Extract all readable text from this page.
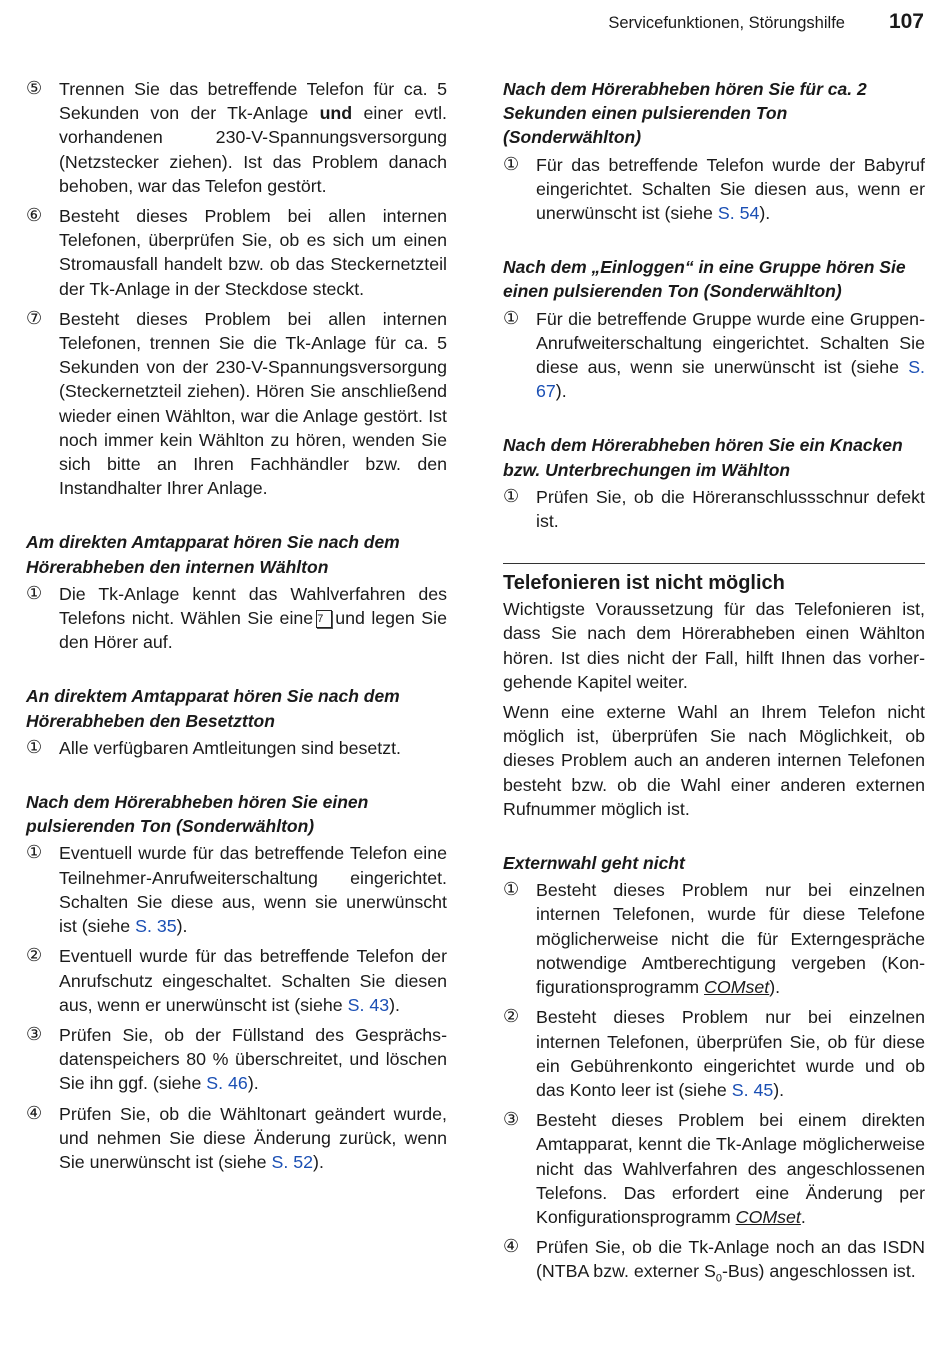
Servicefunktionen, Störungshilfe 107
⑤ Trennen Sie das betreffende Telefon für ca. 5 Sekunden von der Tk-Anlage und einer evtl. vorhandenen 230-V-Spannungsversorgung (Netzstecker ziehen). Ist das Problem danach behoben, war das Telefon gestört.
⑥ Besteht dieses Problem bei allen internen Telefonen, überprüfen Sie, ob es sich um einen Stromausfall handelt bzw. ob das Steckernetzteil der Tk-Anlage in der Steckdose steckt.
⑦ Besteht dieses Problem bei allen internen Telefonen, trennen Sie die Tk-Anlage für ca. 5 Sekunden von der 230-V-Spannungsversorgung (Steckernetzteil ziehen). Hören Sie anschließend wieder einen Wählton, war die Anlage gestört. Ist noch immer kein Wählton zu hören, wenden Sie sich bitte an Ihren Fachhändler bzw. den Instandhalter Ihrer Anlage.
Am direkten Amtapparat hören Sie nach dem Hörerabheben den internen Wählton
① Die Tk-Anlage kennt das Wahlverfahren des Telefons nicht. Wählen Sie eine 7 und legen Sie den Hörer auf.
An direktem Amtapparat hören Sie nach dem Hörerabheben den Besetztton
① Alle verfügbaren Amtleitungen sind besetzt.
Nach dem Hörerabheben hören Sie einen pulsierenden Ton (Sonderwählton)
① Eventuell wurde für das betreffende Telefon eine Teilnehmer-Anrufweiterschaltung eingerichtet. Schalten Sie diese aus, wenn sie unerwünscht ist (siehe S. 35).
② Eventuell wurde für das betreffende Telefon der Anrufschutz eingeschaltet. Schalten Sie diesen aus, wenn er unerwünscht ist (siehe S. 43).
③ Prüfen Sie, ob der Füllstand des Gesprächsdatenspeichers 80 % überschreitet, und löschen Sie ihn ggf. (siehe S. 46).
④ Prüfen Sie, ob die Wähltonart geändert wurde, und nehmen Sie diese Änderung zurück, wenn Sie unerwünscht ist (siehe S. 52).
Nach dem Hörerabheben hören Sie für ca. 2 Sekunden einen pulsierenden Ton (Sonderwählton)
① Für das betreffende Telefon wurde der Babyruf eingerichtet. Schalten Sie diesen aus, wenn er unerwünscht ist (siehe S. 54).
Nach dem „Einloggen“ in eine Gruppe hören Sie einen pulsierenden Ton (Sonderwählton)
① Für die betreffende Gruppe wurde eine Gruppen-Anrufweiterschaltung eingerichtet. Schalten Sie diese aus, wenn sie unerwünscht ist (siehe S. 67).
Nach dem Hörerabheben hören Sie ein Knacken bzw. Unterbrechungen im Wählton
① Prüfen Sie, ob die Höreranschlussschnur defekt ist.
Telefonieren ist nicht möglich

Wichtigste Voraussetzung für das Telefonieren ist, dass Sie nach dem Hörerabheben einen Wählton hören. Ist dies nicht der Fall, hilft Ihnen das vorhergehende Kapitel weiter.

Wenn eine externe Wahl an Ihrem Telefon nicht möglich ist, überprüfen Sie nach Möglichkeit, ob dieses Problem auch an anderen internen Telefonen besteht bzw. ob die Wahl einer anderen externen Rufnummer möglich ist.

Externwahl geht nicht
① Besteht dieses Problem nur bei einzelnen internen Telefonen, wurde für diese Telefone möglicherweise nicht die für Externgespräche notwendige Amtberechtigung vergeben (Konfigurationsprogramm COMset).
② Besteht dieses Problem nur bei einzelnen internen Telefonen, überprüfen Sie, ob für diese ein Gebührenkonto eingerichtet wurde und ob das Konto leer ist (siehe S. 45).
③ Besteht dieses Problem bei einem direkten Amtapparat, kennt die Tk-Anlage möglicherweise nicht das Wahlverfahren des angeschlossenen Telefons. Das erfordert eine Änderung per Konfigurationsprogramm COMset.
④ Prüfen Sie, ob die Tk-Anlage noch an das ISDN (NTBA bzw. externer $S_0-Bus$) angeschlossen ist.
